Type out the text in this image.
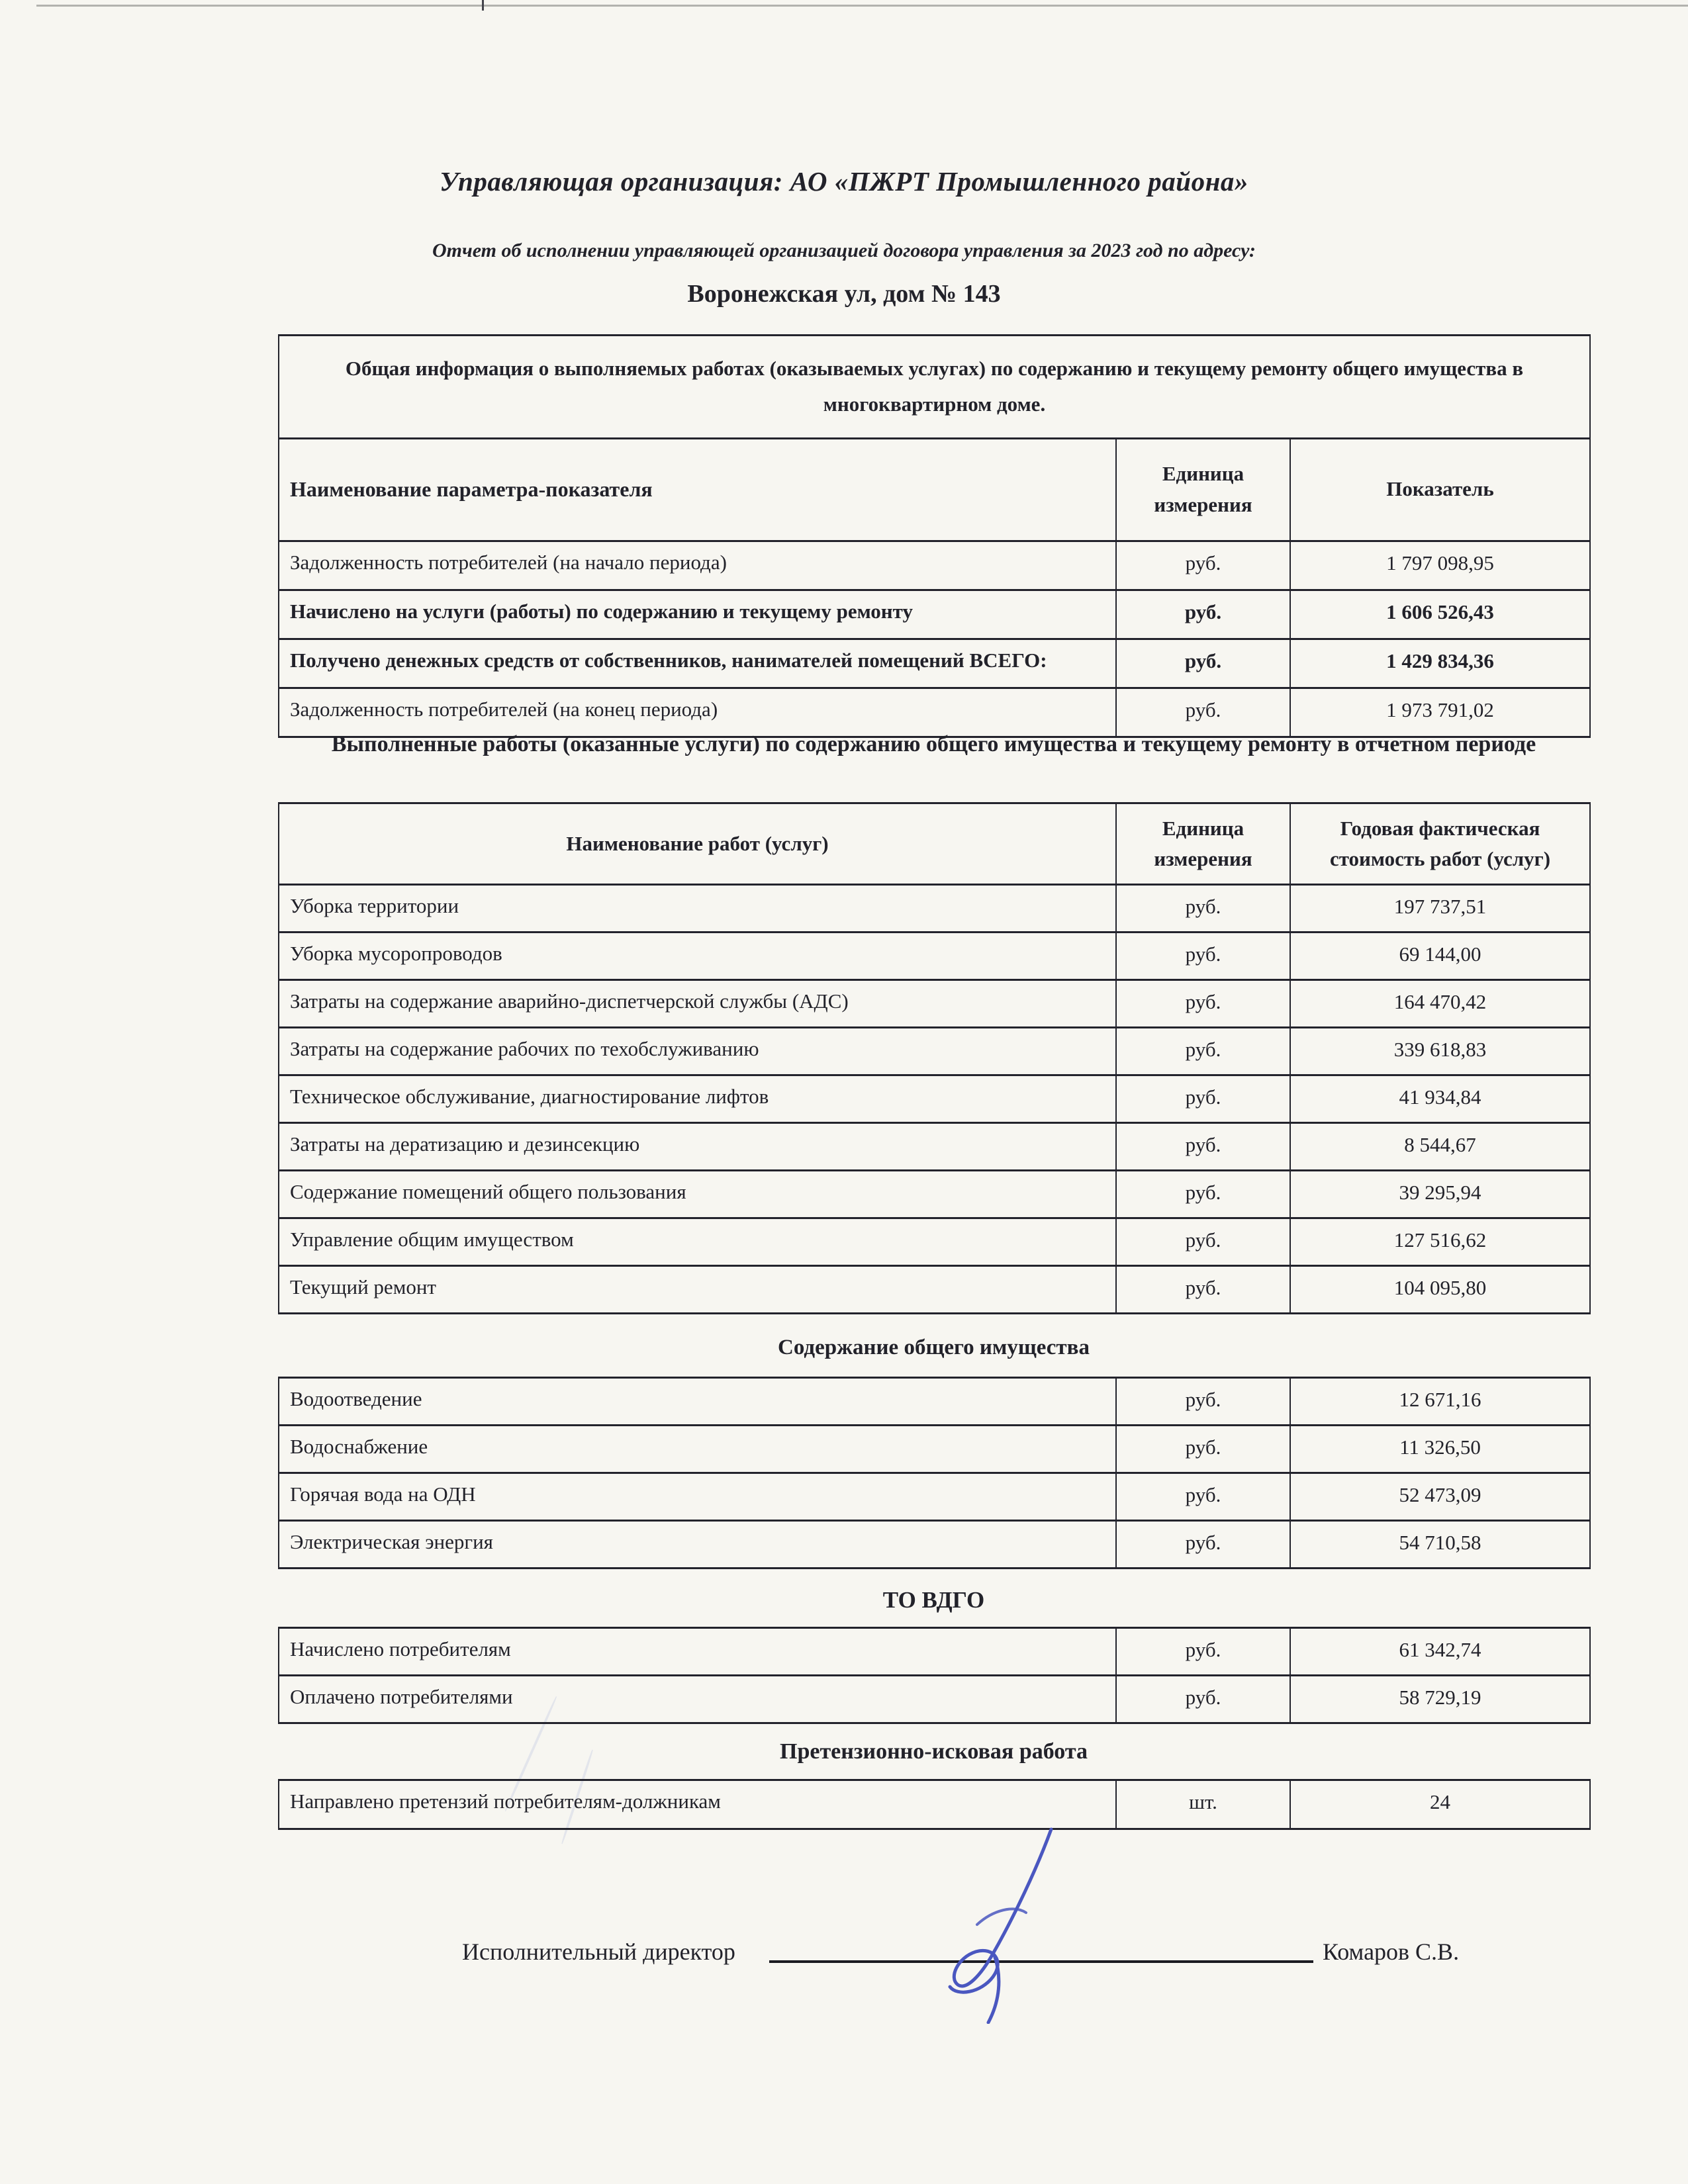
Управляющая организация: АО «ПЖРТ Промышленного района»
Отчет об исполнении управляющей организацией договора управления за 2023 год по адресу:
Воронежская ул, дом № 143
Общая информация о выполняемых работах (оказываемых услугах) по содержанию и текущему ремонту общего имущества в многоквартирном доме.		
Наименование параметра-показателя	Единица измерения	Показатель
Задолженность потребителей (на начало периода)	руб.	1 797 098,95
Начислено на услуги (работы) по содержанию и текущему ремонту	руб.	1 606 526,43
Получено денежных средств от собственников, нанимателей помещений ВСЕГО:	руб.	1 429 834,36
Задолженность потребителей (на конец периода)	руб.	1 973 791,02
Выполненные работы (оказанные услуги) по содержанию общего имущества и текущему ремонту в отчетном периоде
Наименование работ (услуг)	Единица измерения	Годовая фактическая стоимость работ (услуг)
Уборка территории	руб.	197 737,51
Уборка мусоропроводов	руб.	69 144,00
Затраты на содержание аварийно-диспетчерской службы (АДС)	руб.	164 470,42
Затраты на содержание рабочих по техобслуживанию	руб.	339 618,83
Техническое обслуживание, диагностирование лифтов	руб.	41 934,84
Затраты на дератизацию и дезинсекцию	руб.	8 544,67
Содержание помещений общего пользования	руб.	39 295,94
Управление общим имуществом	руб.	127 516,62
Текущий ремонт	руб.	104 095,80
Содержание общего имущества
Водоотведение	руб.	12 671,16
Водоснабжение	руб.	11 326,50
Горячая вода на ОДН	руб.	52 473,09
Электрическая энергия	руб.	54 710,58
ТО ВДГО
Начислено потребителям	руб.	61 342,74
Оплачено потребителями	руб.	58 729,19
Претензионно-исковая работа
Направлено претензий потребителям-должникам	шт.	24
Исполнительный директор	Комаров С.В.
